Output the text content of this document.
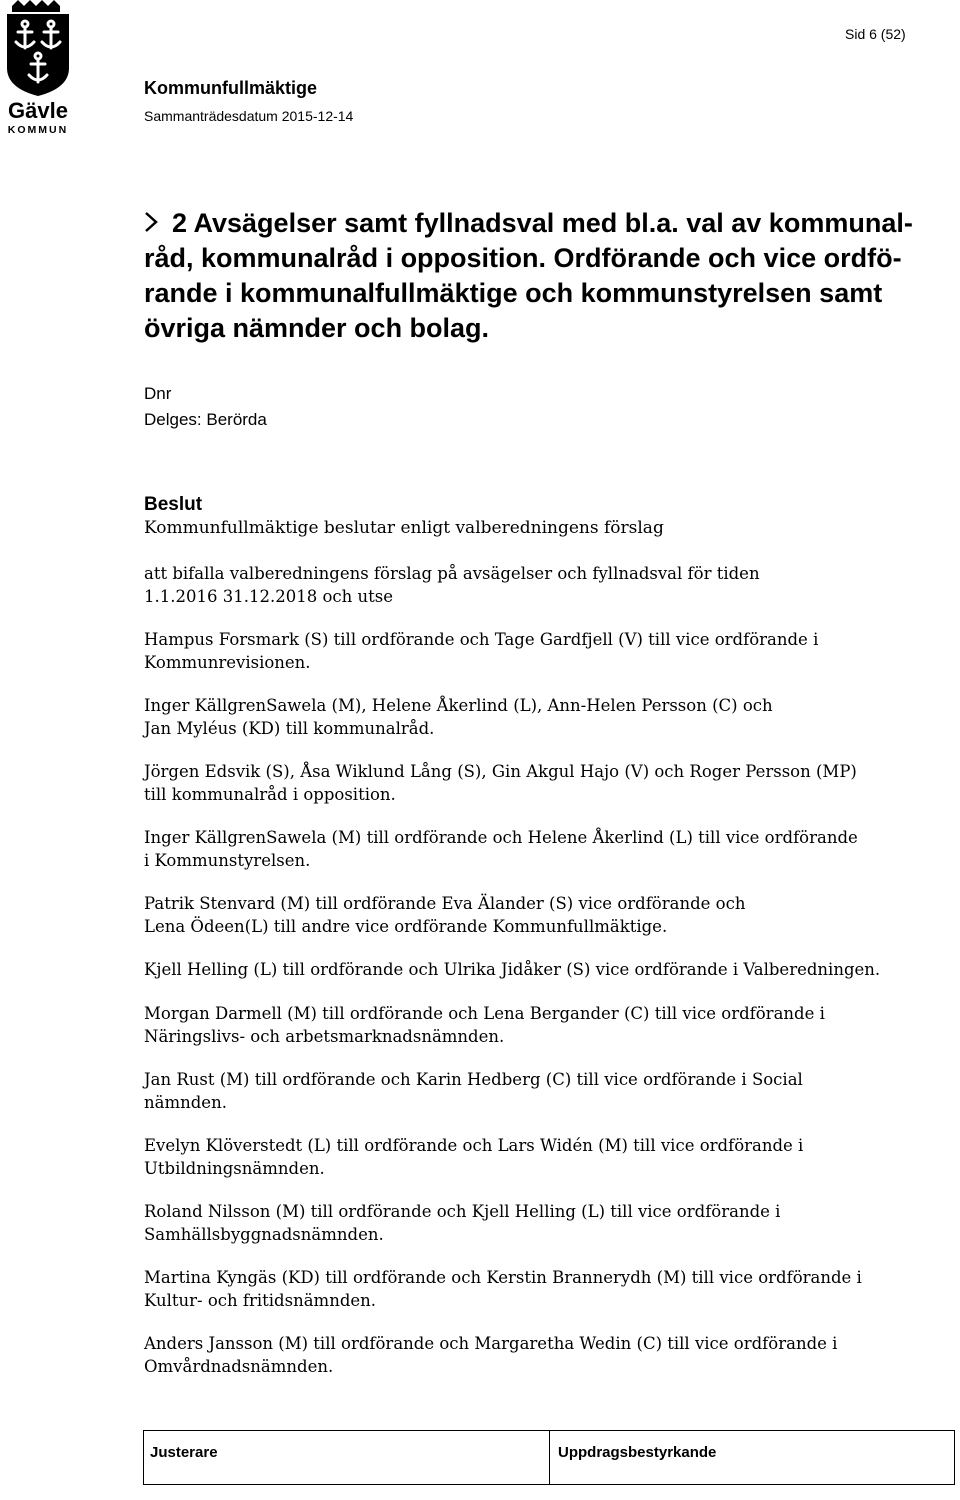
Gävle
KOMMUN
Sid 6 (52)
Kommunfullmäktige
Sammanträdesdatum 2015-12-14
2 Avsägelser samt fyllnadsval med bl.a. val av kommunal-
råd, kommunalråd i opposition. Ordförande och vice ordfö-
rande i kommunalfullmäktige och kommunstyrelsen samt
övriga nämnder och bolag.
Dnr
Delges: Berörda
Beslut
Kommunfullmäktige beslutar enligt valberedningens förslag
att bifalla valberedningens förslag på avsägelser och fyllnadsval för tiden
1.1.2016 31.12.2018 och utse
Hampus Forsmark (S) till ordförande och Tage Gardfjell (V) till vice ordförande i
Kommunrevisionen.
Inger KällgrenSawela (M), Helene Åkerlind (L), Ann-Helen Persson (C) och
Jan Myléus (KD) till kommunalråd.
Jörgen Edsvik (S), Åsa Wiklund Lång (S), Gin Akgul Hajo (V) och Roger Persson (MP)
till kommunalråd i opposition.
Inger KällgrenSawela (M) till ordförande och Helene Åkerlind (L) till vice ordförande
i Kommunstyrelsen.
Patrik Stenvard (M) till ordförande Eva Älander (S) vice ordförande och
Lena Ödeen(L) till andre vice ordförande Kommunfullmäktige.
Kjell Helling (L) till ordförande och Ulrika Jidåker (S) vice ordförande i Valberedningen.
Morgan Darmell (M) till ordförande och Lena Bergander (C) till vice ordförande i
Näringslivs- och arbetsmarknadsnämnden.
Jan Rust (M) till ordförande och Karin Hedberg (C) till vice ordförande i Social
nämnden.
Evelyn Klöverstedt (L) till ordförande och Lars Widén (M) till vice ordförande i
Utbildningsnämnden.
Roland Nilsson (M) till ordförande och Kjell Helling (L) till vice ordförande i
Samhällsbyggnadsnämnden.
Martina Kyngäs (KD) till ordförande och Kerstin Brannerydh (M) till vice ordförande i
Kultur- och fritidsnämnden.
Anders Jansson (M) till ordförande och Margaretha Wedin (C) till vice ordförande i
Omvårdnadsnämnden.
Justerare	Uppdragsbestyrkande
